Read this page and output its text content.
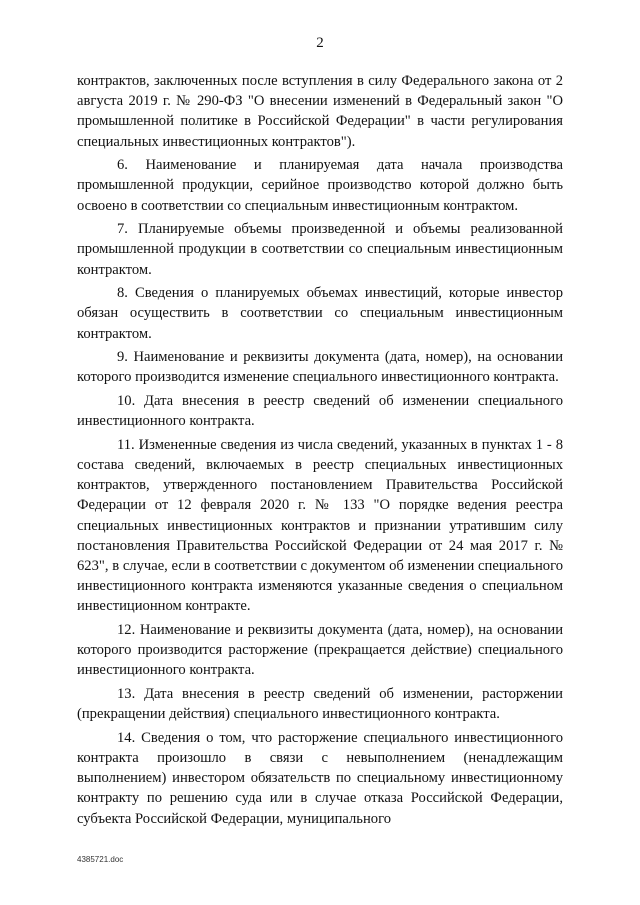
2

контрактов, заключенных после вступления в силу Федерального закона от 2 августа 2019 г. № 290-ФЗ "О внесении изменений в Федеральный закон "О промышленной политике в Российской Федерации" в части регулирования специальных инвестиционных контрактов").

6. Наименование и планируемая дата начала производства промышленной продукции, серийное производство которой должно быть освоено в соответствии со специальным инвестиционным контрактом.

7. Планируемые объемы произведенной и объемы реализованной промышленной продукции в соответствии со специальным инвестиционным контрактом.

8. Сведения о планируемых объемах инвестиций, которые инвестор обязан осуществить в соответствии со специальным инвестиционным контрактом.

9. Наименование и реквизиты документа (дата, номер), на основании которого производится изменение специального инвестиционного контракта.

10. Дата внесения в реестр сведений об изменении специального инвестиционного контракта.

11. Измененные сведения из числа сведений, указанных в пунктах 1 - 8 состава сведений, включаемых в реестр специальных инвестиционных контрактов, утвержденного постановлением Правительства Российской Федерации от 12 февраля 2020 г. № 133 "О порядке ведения реестра специальных инвестиционных контрактов и признании утратившим силу постановления Правительства Российской Федерации от 24 мая 2017 г. № 623", в случае, если в соответствии с документом об изменении специального инвестиционного контракта изменяются указанные сведения о специальном инвестиционном контракте.

12. Наименование и реквизиты документа (дата, номер), на основании которого производится расторжение (прекращается действие) специального инвестиционного контракта.

13. Дата внесения в реестр сведений об изменении, расторжении (прекращении действия) специального инвестиционного контракта.

14. Сведения о том, что расторжение специального инвестиционного контракта произошло в связи с невыполнением (ненадлежащим выполнением) инвестором обязательств по специальному инвестиционному контракту по решению суда или в случае отказа Российской Федерации, субъекта Российской Федерации, муниципального

4385721.doc
